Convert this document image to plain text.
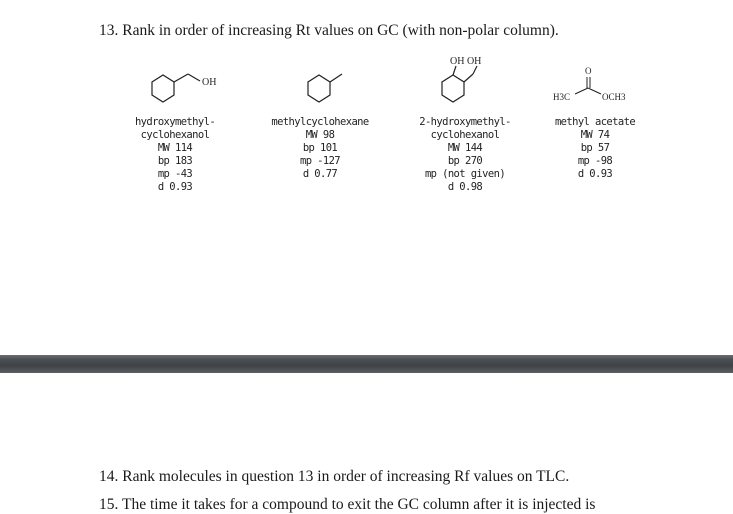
13. Rank in order of increasing Rt values on GC (with non-polar column).
OH
hydroxymethyl-
cyclohexanol
MW 114
bp 183
mp -43
d 0.93
methylcyclohexane
MW 98
bp 101
mp -127
d 0.77
OH OH
2-hydroxymethyl-
cyclohexanol
MW 144
bp 270
mp (not given)
d 0.98
O
H3C	OCH3
methyl acetate
MW 74
bp 57
mp -98
d 0.93
14. Rank molecules in question 13 in order of increasing Rf values on TLC.
15. The time it takes for a compound to exit the GC column after it is injected is
